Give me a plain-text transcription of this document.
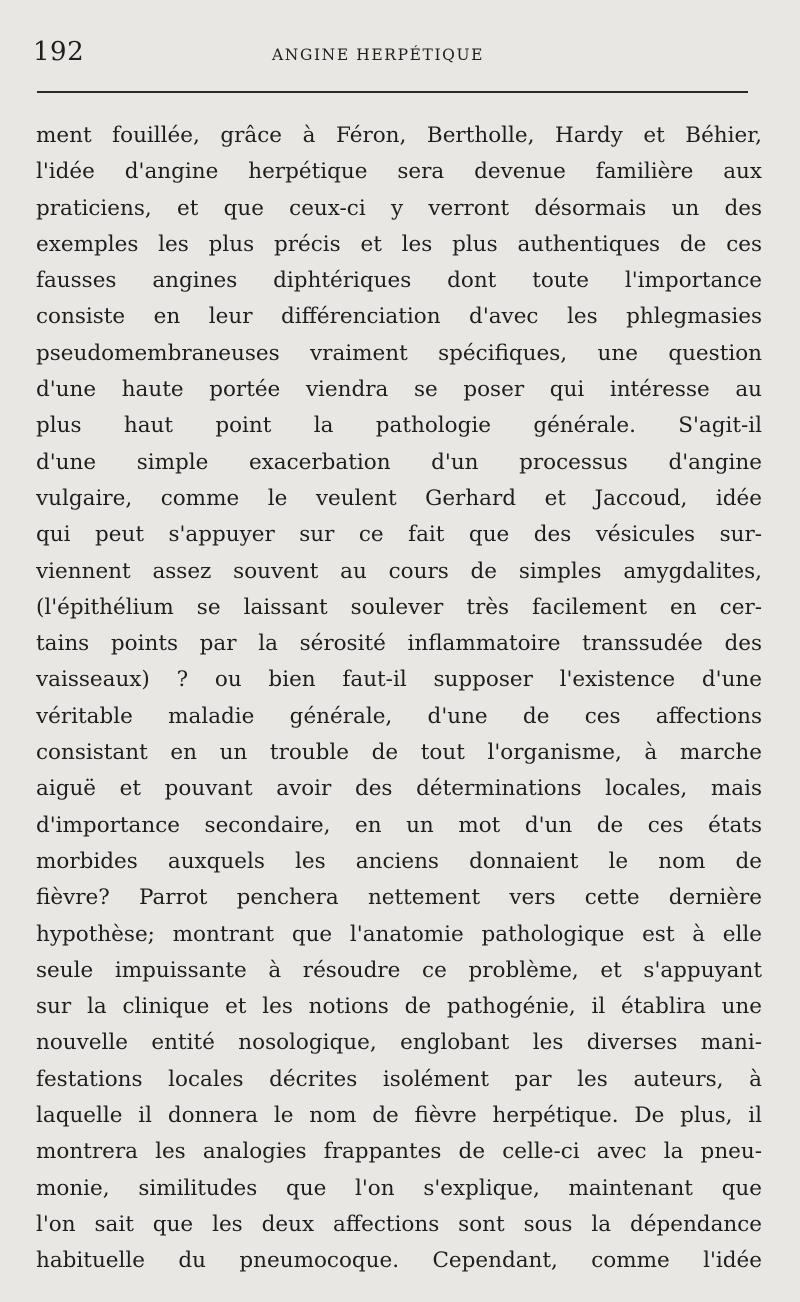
192	ANGINE HERPÉTIQUE
ment fouillée, grâce à Féron, Bertholle, Hardy et Béhier,
l'idée d'angine herpétique sera devenue familière aux
praticiens, et que ceux-ci y verront désormais un des
exemples les plus précis et les plus authentiques de ces
fausses angines diphtériques dont toute l'importance
consiste en leur différenciation d'avec les phlegmasies
pseudomembraneuses vraiment spécifiques, une question
d'une haute portée viendra se poser qui intéresse au
plus haut point la pathologie générale. S'agit-il
d'une simple exacerbation d'un processus d'angine
vulgaire, comme le veulent Gerhard et Jaccoud, idée
qui peut s'appuyer sur ce fait que des vésicules sur-
viennent assez souvent au cours de simples amygdalites,
(l'épithélium se laissant soulever très facilement en cer-
tains points par la sérosité inflammatoire transsudée des
vaisseaux) ? ou bien faut-il supposer l'existence d'une
véritable maladie générale, d'une de ces affections
consistant en un trouble de tout l'organisme, à marche
aiguë et pouvant avoir des déterminations locales, mais
d'importance secondaire, en un mot d'un de ces états
morbides auxquels les anciens donnaient le nom de
fièvre? Parrot penchera nettement vers cette dernière
hypothèse; montrant que l'anatomie pathologique est à elle
seule impuissante à résoudre ce problème, et s'appuyant
sur la clinique et les notions de pathogénie, il établira une
nouvelle entité nosologique, englobant les diverses mani-
festations locales décrites isolément par les auteurs, à
laquelle il donnera le nom de fièvre herpétique. De plus, il
montrera les analogies frappantes de celle-ci avec la pneu-
monie, similitudes que l'on s'explique, maintenant que
l'on sait que les deux affections sont sous la dépendance
habituelle du pneumocoque. Cependant, comme l'idée
